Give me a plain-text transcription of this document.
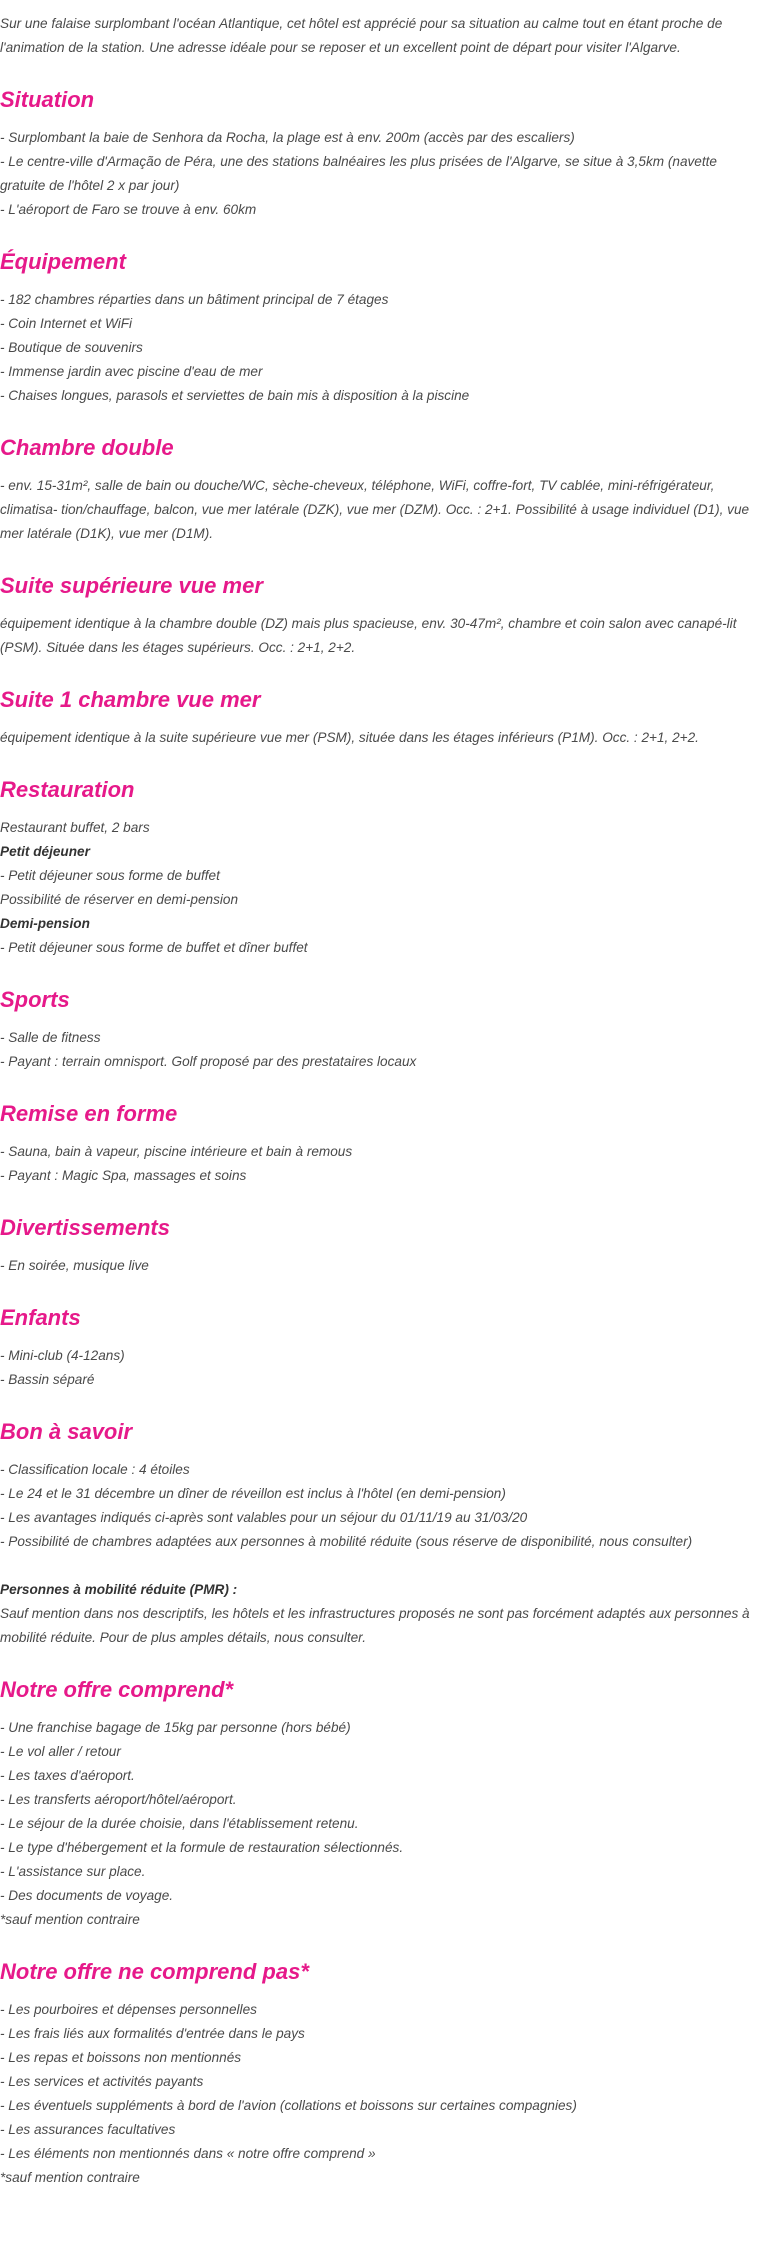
Sur une falaise surplombant l'océan Atlantique, cet hôtel est apprécié pour sa situation au calme tout en étant proche de l'animation de la station. Une adresse idéale pour se reposer et un excellent point de départ pour visiter l'Algarve.

Situation
- Surplombant la baie de Senhora da Rocha, la plage est à env. 200m (accès par des escaliers)
- Le centre-ville d'Armação de Péra, une des stations balnéaires les plus prisées de l'Algarve, se situe à 3,5km (navette gratuite de l'hôtel 2 x par jour)
- L'aéroport de Faro se trouve à env. 60km
Équipement
- 182 chambres réparties dans un bâtiment principal de 7 étages
- Coin Internet et WiFi
- Boutique de souvenirs
- Immense jardin avec piscine d'eau de mer
- Chaises longues, parasols et serviettes de bain mis à disposition à la piscine
Chambre double
- env. 15-31m², salle de bain ou douche/WC, sèche-cheveux, téléphone, WiFi, coffre-fort, TV cablée, mini-réfrigérateur, climatisa- tion/chauffage, balcon, vue mer latérale (DZK), vue mer (DZM). Occ. : 2+1. Possibilité à usage individuel (D1), vue mer latérale (D1K), vue mer (D1M).
Suite supérieure vue mer
équipement identique à la chambre double (DZ) mais plus spacieuse, env. 30-47m², chambre et coin salon avec canapé-lit (PSM). Située dans les étages supérieurs. Occ. : 2+1, 2+2.
Suite 1 chambre vue mer
équipement identique à la suite supérieure vue mer (PSM), située dans les étages inférieurs (P1M). Occ. : 2+1, 2+2.
Restauration
Restaurant buffet, 2 bars
Petit déjeuner
- Petit déjeuner sous forme de buffet
Possibilité de réserver en demi-pension
Demi-pension
- Petit déjeuner sous forme de buffet et dîner buffet
Sports
- Salle de fitness
- Payant : terrain omnisport. Golf proposé par des prestataires locaux
Remise en forme
- Sauna, bain à vapeur, piscine intérieure et bain à remous
- Payant : Magic Spa, massages et soins
Divertissements
- En soirée, musique live
Enfants
- Mini-club (4-12ans)
- Bassin séparé
Bon à savoir
- Classification locale : 4 étoiles
- Le 24 et le 31 décembre un dîner de réveillon est inclus à l'hôtel (en demi-pension)
- Les avantages indiqués ci-après sont valables pour un séjour du 01/11/19 au 31/03/20
- Possibilité de chambres adaptées aux personnes à mobilité réduite (sous réserve de disponibilité, nous consulter)
Personnes à mobilité réduite (PMR) :
Sauf mention dans nos descriptifs, les hôtels et les infrastructures proposés ne sont pas forcément adaptés aux personnes à mobilité réduite. Pour de plus amples détails, nous consulter.
Notre offre comprend*
- Une franchise bagage de 15kg par personne (hors bébé)
- Le vol aller / retour
- Les taxes d'aéroport.
- Les transferts aéroport/hôtel/aéroport.
- Le séjour de la durée choisie, dans l'établissement retenu.
- Le type d'hébergement et la formule de restauration sélectionnés.
- L'assistance sur place.
- Des documents de voyage.
*sauf mention contraire
Notre offre ne comprend pas*
- Les pourboires et dépenses personnelles
- Les frais liés aux formalités d'entrée dans le pays
- Les repas et boissons non mentionnés
- Les services et activités payants
- Les éventuels suppléments à bord de l'avion (collations et boissons sur certaines compagnies)
- Les assurances facultatives
- Les éléments non mentionnés dans « notre offre comprend »
*sauf mention contraire
